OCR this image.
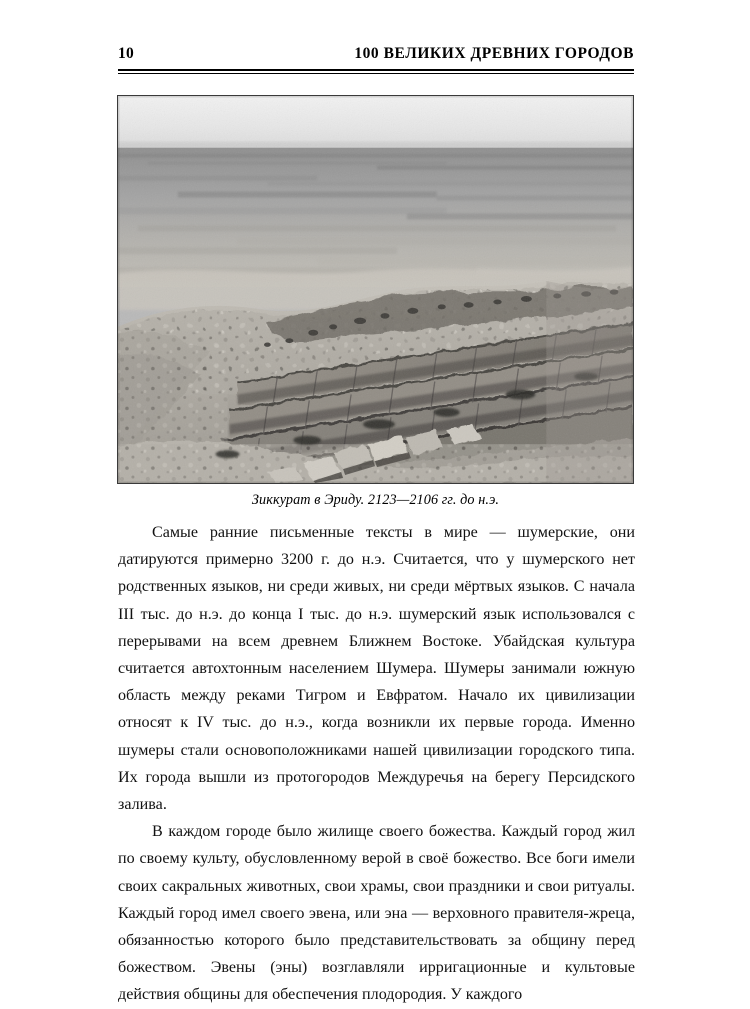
10	100 ВЕЛИКИХ ДРЕВНИХ ГОРОДОВ
Зиккурат в Эриду. 2123—2106 гг. до н.э.

Самые ранние письменные тексты в мире — шумерские, они датируются примерно 3200 г. до н.э. Считается, что у шумерского нет родственных языков, ни среди живых, ни среди мёртвых языков. С начала III тыс. до н.э. до конца I тыс. до н.э. шумерский язык использовался с перерывами на всем древнем Ближнем Востоке. Убайдская культура считается автохтонным населением Шумера. Шумеры занимали южную область между реками Тигром и Евфратом. Начало их цивилизации относят к IV тыс. до н.э., когда возникли их первые города. Именно шумеры стали основоположниками нашей цивилизации городского типа. Их города вышли из протогородов Междуречья на берегу Персидского залива.

В каждом городе было жилище своего божества. Каждый город жил по своему культу, обусловленному верой в своё божество. Все боги имели своих сакральных животных, свои храмы, свои праздники и свои ритуалы. Каждый город имел своего эвена, или эна — верховного правителя-жреца, обязанностью которого было представительствовать за общину перед божеством. Эвены (эны) возглавляли ирригационные и культовые действия общины для обеспечения плодородия. У каждого
